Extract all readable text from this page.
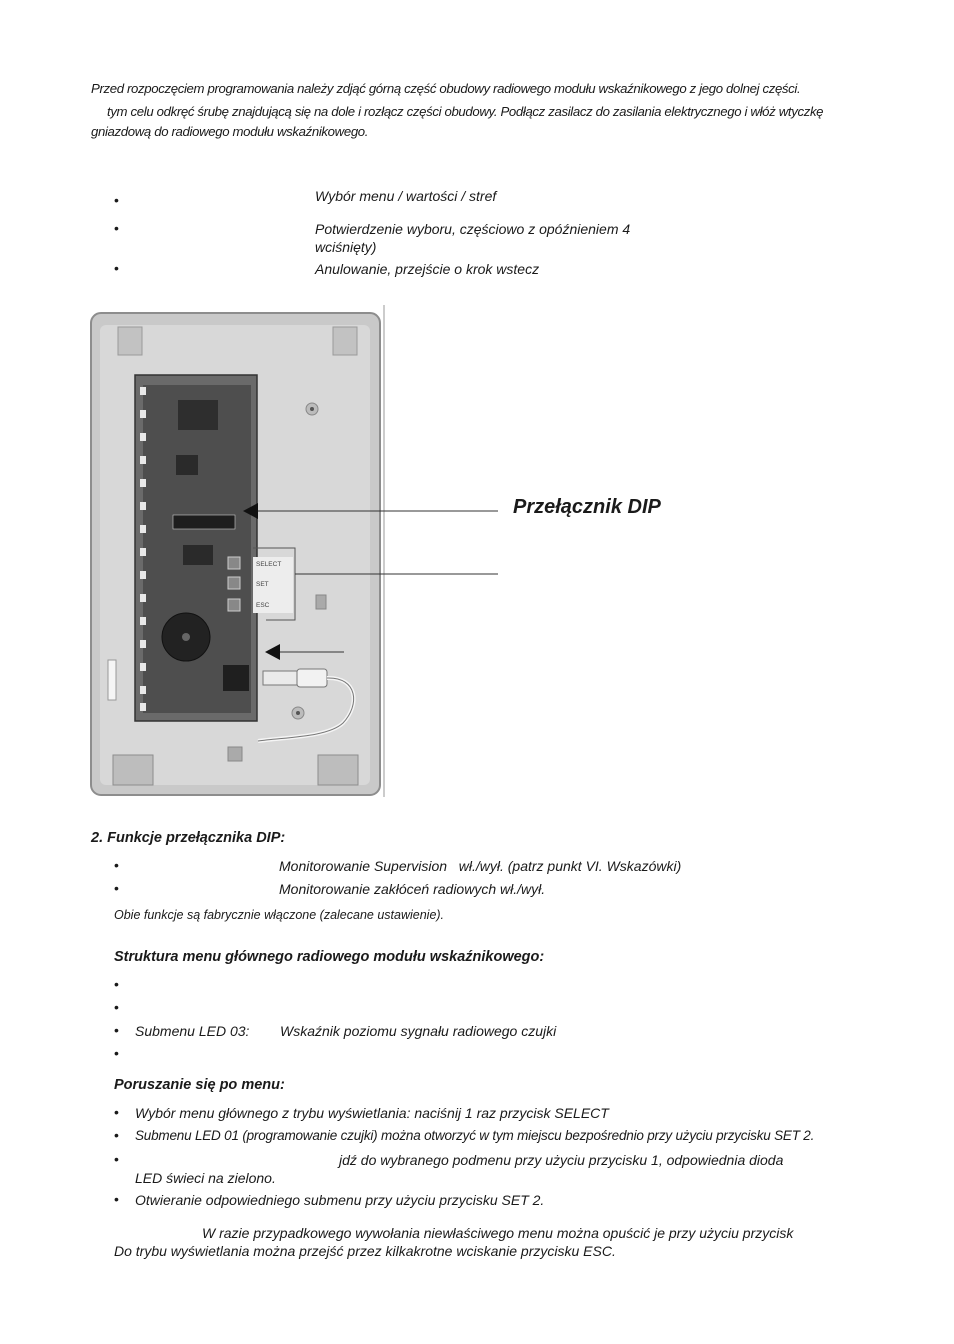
Przed rozpoczęciem programowania należy zdjąć górną część obudowy radiowego modułu wskaźnikowego z jego dolnej części.
tym celu odkręć śrubę znajdującą się na dole i rozłącz części obudowy. Podłącz zasilacz do zasilania elektrycznego i włóż wtyczkę
gniazdową do radiowego modułu wskaźnikowego.
•	Wybór menu / wartości / stref
•	Potwierdzenie wyboru, częściowo z opóźnieniem 4
wciśnięty)
•	Anulowanie, przejście o krok wstecz
SELECT
SET
ESC
Przełącznik DIP
2. Funkcje przełącznika DIP:
•	Monitorowanie Supervision   wł./wył. (patrz punkt VI. Wskazówki)
•	Monitorowanie zakłóceń radiowych wł./wył.
Obie funkcje są fabrycznie włączone (zalecane ustawienie).
Struktura menu głównego radiowego modułu wskaźnikowego:
•
•
• Submenu LED 03: Wskaźnik poziomu sygnału radiowego czujki
•
Poruszanie się po menu:
• Wybór menu głównego z trybu wyświetlania: naciśnij 1 raz przycisk SELECT
• Submenu LED 01 (programowanie czujki) można otworzyć w tym miejscu bezpośrednio przy użyciu przycisku SET 2.
•	jdź do wybranego podmenu przy użyciu przycisku 1, odpowiednia dioda
LED świeci na zielono.
• Otwieranie odpowiedniego submenu przy użyciu przycisku SET 2.
W razie przypadkowego wywołania niewłaściwego menu można opuścić je przy użyciu przycisk
Do trybu wyświetlania można przejść przez kilkakrotne wciskanie przycisku ESC.
